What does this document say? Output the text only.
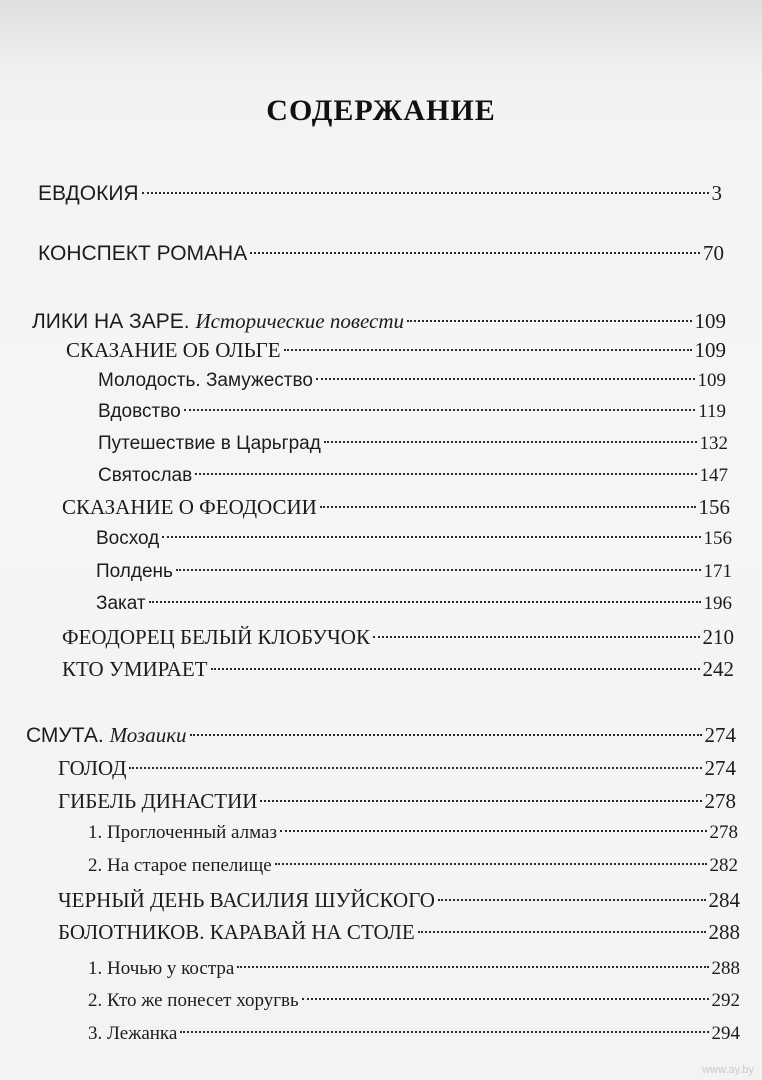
СОДЕРЖАНИЕ
ЕВДОКИЯ	3
КОНСПЕКТ РОМАНА	70
ЛИКИ НА ЗАРЕ. Исторические повести	109
СКАЗАНИЕ ОБ ОЛЬГЕ	109
Молодость. Замужество	109
Вдовство	119
Путешествие в Царьград	132
Святослав	147
СКАЗАНИЕ О ФЕОДОСИИ	156
Восход	156
Полдень	171
Закат	196
ФЕОДОРЕЦ БЕЛЫЙ КЛОБУЧОК	210
КТО УМИРАЕТ	242
СМУТА. Мозаики	274
ГОЛОД	274
ГИБЕЛЬ ДИНАСТИИ	278
1. Проглоченный алмаз	278
2. На старое пепелище	282
ЧЕРНЫЙ ДЕНЬ ВАСИЛИЯ ШУЙСКОГО	284
БОЛОТНИКОВ. КАРАВАЙ НА СТОЛЕ	288
1. Ночью у костра	288
2. Кто же понесет хоругвь	292
3. Лежанка	294
www.ay.by
